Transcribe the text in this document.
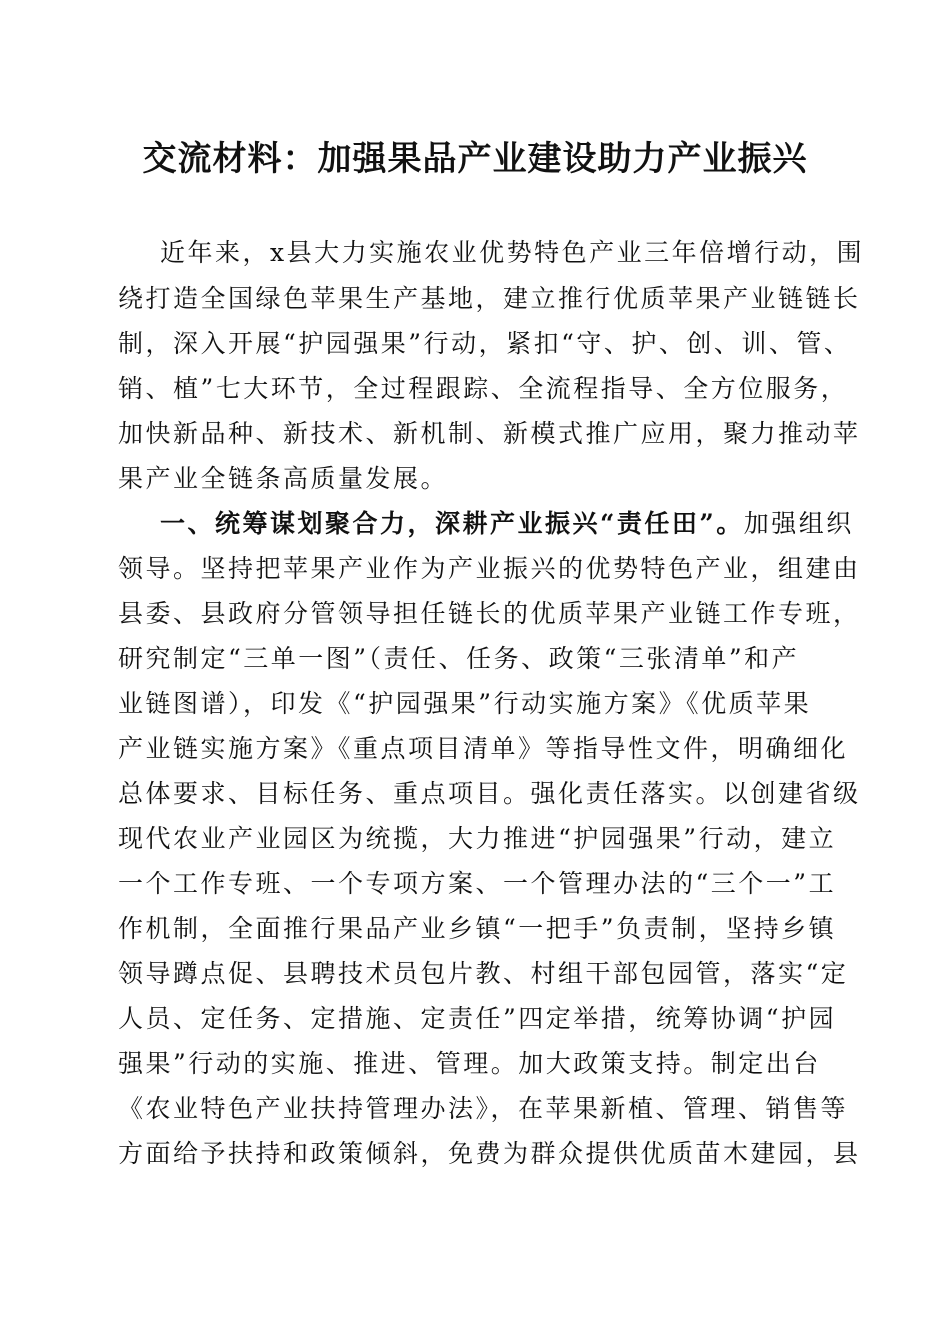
交流材料：加强果品产业建设助力产业振兴
近年来，x县大力实施农业优势特色产业三年倍增行动，围
绕打造全国绿色苹果生产基地，建立推行优质苹果产业链链长
制，深入开展“护园强果”行动，紧扣“守、护、创、训、管、
销、植”七大环节，全过程跟踪、全流程指导、全方位服务，
加快新品种、新技术、新机制、新模式推广应用，聚力推动苹
果产业全链条高质量发展。
一、统筹谋划聚合力，深耕产业振兴“责任田”。加强组织
领导。坚持把苹果产业作为产业振兴的优势特色产业，组建由
县委、县政府分管领导担任链长的优质苹果产业链工作专班，
研究制定“三单一图”（责任、任务、政策“三张清单”和产
业链图谱），印发《“护园强果”行动实施方案》《优质苹果
产业链实施方案》《重点项目清单》等指导性文件，明确细化
总体要求、目标任务、重点项目。强化责任落实。以创建省级
现代农业产业园区为统揽，大力推进“护园强果”行动，建立
一个工作专班、一个专项方案、一个管理办法的“三个一”工
作机制，全面推行果品产业乡镇“一把手”负责制，坚持乡镇
领导蹲点促、县聘技术员包片教、村组干部包园管，落实“定
人员、定任务、定措施、定责任”四定举措，统筹协调“护园
强果”行动的实施、推进、管理。加大政策支持。制定出台
《农业特色产业扶持管理办法》，在苹果新植、管理、销售等
方面给予扶持和政策倾斜，免费为群众提供优质苗木建园，县
